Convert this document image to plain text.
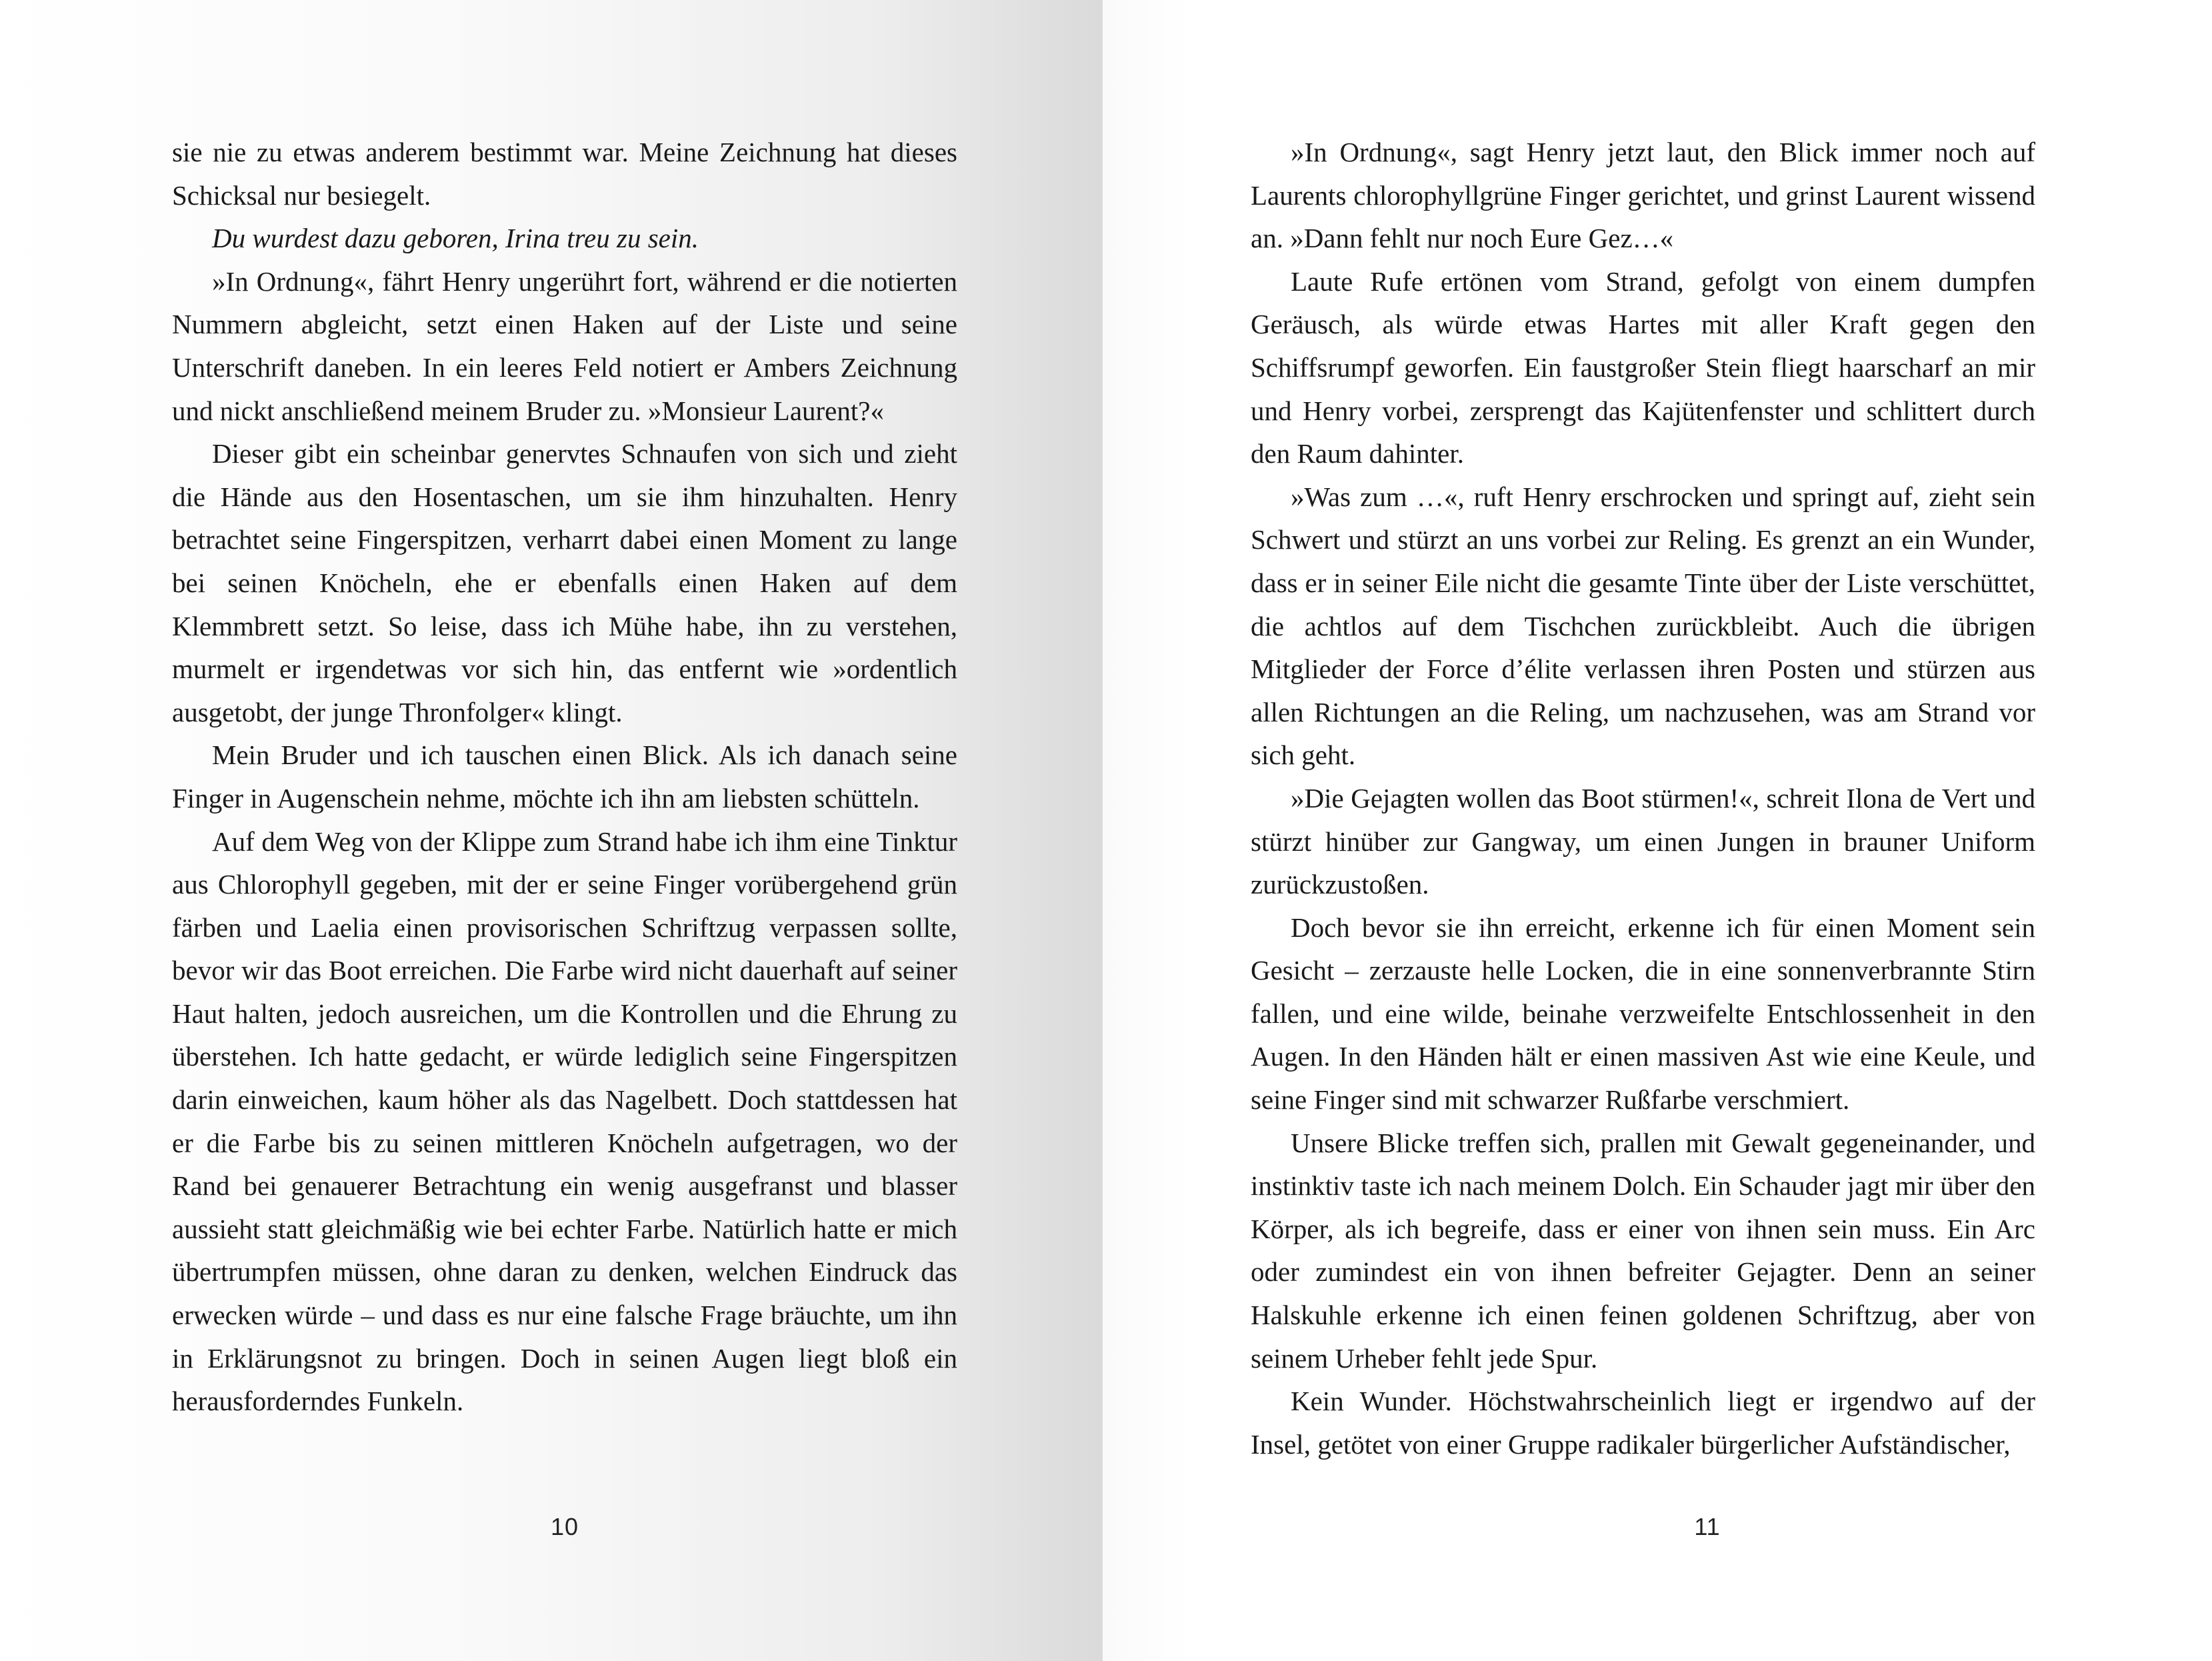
sie nie zu etwas anderem bestimmt war. Meine Zeichnung hat dieses Schicksal nur besiegelt.

Du wurdest dazu geboren, Irina treu zu sein.

»In Ordnung«, fährt Henry ungerührt fort, während er die notierten Nummern abgleicht, setzt einen Haken auf der Liste und seine Unterschrift daneben. In ein leeres Feld notiert er Ambers Zeichnung und nickt anschließend meinem Bruder zu. »Monsieur Laurent?«

Dieser gibt ein scheinbar genervtes Schnaufen von sich und zieht die Hände aus den Hosentaschen, um sie ihm hinzuhalten. Henry betrachtet seine Fingerspitzen, verharrt dabei einen Moment zu lange bei seinen Knöcheln, ehe er ebenfalls einen Haken auf dem Klemmbrett setzt. So leise, dass ich Mühe habe, ihn zu verstehen, murmelt er irgendetwas vor sich hin, das entfernt wie »ordentlich ausgetobt, der junge Thronfolger« klingt.

Mein Bruder und ich tauschen einen Blick. Als ich danach seine Finger in Augenschein nehme, möchte ich ihn am liebsten schütteln.

Auf dem Weg von der Klippe zum Strand habe ich ihm eine Tinktur aus Chlorophyll gegeben, mit der er seine Finger vorübergehend grün färben und Laelia einen provisorischen Schriftzug verpassen sollte, bevor wir das Boot erreichen. Die Farbe wird nicht dauerhaft auf seiner Haut halten, jedoch ausreichen, um die Kontrollen und die Ehrung zu überstehen. Ich hatte gedacht, er würde lediglich seine Fingerspitzen darin einweichen, kaum höher als das Nagelbett. Doch stattdessen hat er die Farbe bis zu seinen mittleren Knöcheln aufgetragen, wo der Rand bei genauerer Betrachtung ein wenig ausgefranst und blasser aussieht statt gleichmäßig wie bei echter Farbe. Natürlich hatte er mich übertrumpfen müssen, ohne daran zu denken, welchen Eindruck das erwecken würde – und dass es nur eine falsche Frage bräuchte, um ihn in Erklärungsnot zu bringen. Doch in seinen Augen liegt bloß ein herausforderndes Funkeln.

10

»In Ordnung«, sagt Henry jetzt laut, den Blick immer noch auf Laurents chlorophyllgrüne Finger gerichtet, und grinst Laurent wissend an. »Dann fehlt nur noch Eure Gez…«

Laute Rufe ertönen vom Strand, gefolgt von einem dumpfen Geräusch, als würde etwas Hartes mit aller Kraft gegen den Schiffsrumpf geworfen. Ein faustgroßer Stein fliegt haarscharf an mir und Henry vorbei, zersprengt das Kajütenfenster und schlittert durch den Raum dahinter.

»Was zum …«, ruft Henry erschrocken und springt auf, zieht sein Schwert und stürzt an uns vorbei zur Reling. Es grenzt an ein Wunder, dass er in seiner Eile nicht die gesamte Tinte über der Liste verschüttet, die achtlos auf dem Tischchen zurückbleibt. Auch die übrigen Mitglieder der Force d’élite verlassen ihren Posten und stürzen aus allen Richtungen an die Reling, um nachzusehen, was am Strand vor sich geht.

»Die Gejagten wollen das Boot stürmen!«, schreit Ilona de Vert und stürzt hinüber zur Gangway, um einen Jungen in brauner Uniform zurückzustoßen.

Doch bevor sie ihn erreicht, erkenne ich für einen Moment sein Gesicht – zerzauste helle Locken, die in eine sonnenverbrannte Stirn fallen, und eine wilde, beinahe verzweifelte Entschlossenheit in den Augen. In den Händen hält er einen massiven Ast wie eine Keule, und seine Finger sind mit schwarzer Rußfarbe verschmiert.

Unsere Blicke treffen sich, prallen mit Gewalt gegeneinander, und instinktiv taste ich nach meinem Dolch. Ein Schauder jagt mir über den Körper, als ich begreife, dass er einer von ihnen sein muss. Ein Arc oder zumindest ein von ihnen befreiter Gejagter. Denn an seiner Halskuhle erkenne ich einen feinen goldenen Schriftzug, aber von seinem Urheber fehlt jede Spur.

Kein Wunder. Höchstwahrscheinlich liegt er irgendwo auf der Insel, getötet von einer Gruppe radikaler bürgerlicher Aufständischer,

11
